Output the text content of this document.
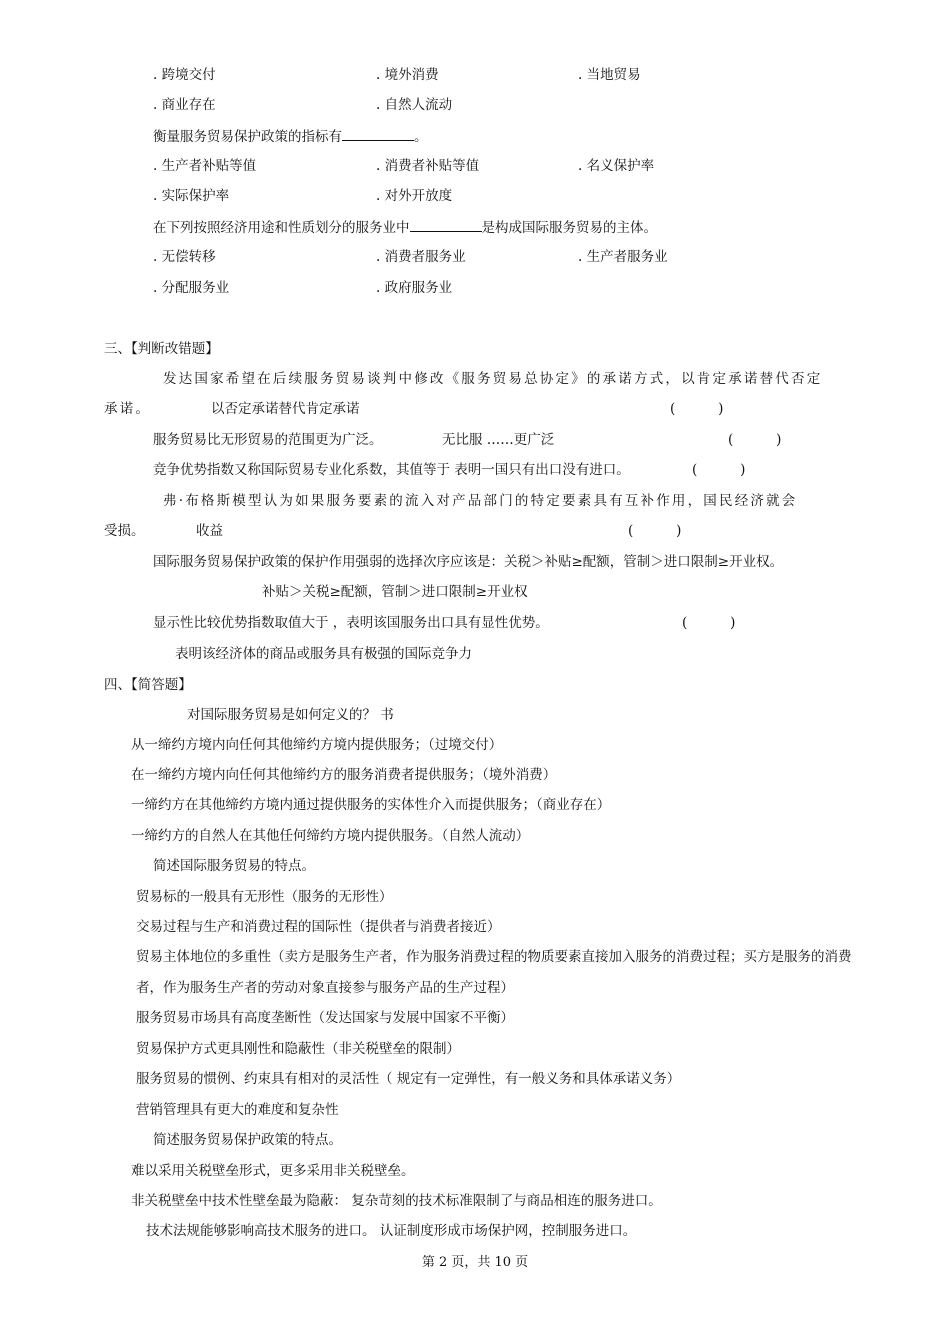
. 跨境交付	. 境外消费	. 当地贸易
. 商业存在	. 自然人流动
衡量服务贸易保护政策的指标有	。
. 生产者补贴等值	. 消费者补贴等值	. 名义保护率
. 实际保护率	. 对外开放度
在下列按照经济用途和性质划分的服务业中	是构成国际服务贸易的主体。
. 无偿转移	. 消费者服务业	. 生产者服务业
. 分配服务业	. 政府服务业
三、【判断改错题】
发达国家希望在后续服务贸易谈判中修改《服务贸易总协定》的承诺方式，以肯定承诺替代否定
承诺。	以否定承诺替代肯定承诺	(          )
服务贸易比无形贸易的范围更为广泛。	无比服 ……更广泛	(          )
竞争优势指数又称国际贸易专业化系数，其值等于 表明一国只有出口没有进口。	(          )
弗·布格斯模型认为如果服务要素的流入对产品部门的特定要素具有互补作用，国民经济就会
受损。	收益	(          )
国际服务贸易保护政策的保护作用强弱的选择次序应该是：关税＞补贴≥配额，管制＞进口限制≥开业权。
补贴＞关税≥配额，管制＞进口限制≥开业权
显示性比较优势指数取值大于 ，表明该国服务出口具有显性优势。	(          )
表明该经济体的商品或服务具有极强的国际竞争力
四、【简答题】
对国际服务贸易是如何定义的？ 书
从一缔约方境内向任何其他缔约方境内提供服务；（过境交付）
在一缔约方境内向任何其他缔约方的服务消费者提供服务；（境外消费）
一缔约方在其他缔约方境内通过提供服务的实体性介入而提供服务；（商业存在）
一缔约方的自然人在其他任何缔约方境内提供服务。（自然人流动）
简述国际服务贸易的特点。
贸易标的一般具有无形性（服务的无形性）
交易过程与生产和消费过程的国际性（提供者与消费者接近）
贸易主体地位的多重性（卖方是服务生产者，作为服务消费过程的物质要素直接加入服务的消费过程；买方是服务的消费
者，作为服务生产者的劳动对象直接参与服务产品的生产过程）
服务贸易市场具有高度垄断性（发达国家与发展中国家不平衡）
贸易保护方式更具刚性和隐蔽性（非关税壁垒的限制）
服务贸易的惯例、约束具有相对的灵活性（ 规定有一定弹性，有一般义务和具体承诺义务）
营销管理具有更大的难度和复杂性
简述服务贸易保护政策的特点。
难以采用关税壁垒形式，更多采用非关税壁垒。
非关税壁垒中技术性壁垒最为隐蔽： 复杂苛刻的技术标准限制了与商品相连的服务进口。
技术法规能够影响高技术服务的进口。 认证制度形成市场保护网，控制服务进口。
第 2 页，共 10 页
